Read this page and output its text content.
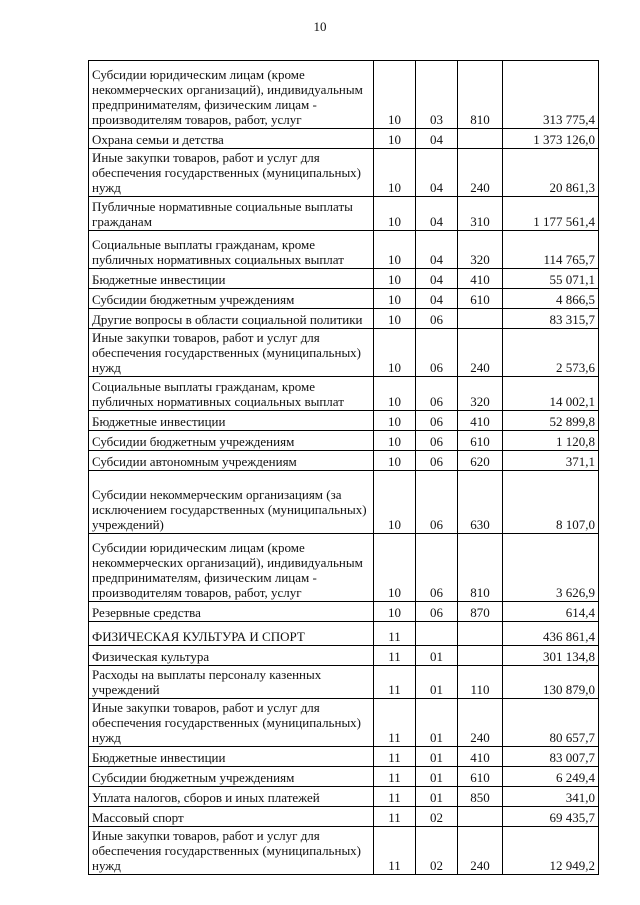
10
Субсидии юридическим лицам (кроме некоммерческих организаций), индивидуальным предпринимателям, физическим лицам - производителям товаров, работ, услуг	10	03	810	313 775,4
Охрана семьи и детства	10	04		1 373 126,0
Иные закупки товаров, работ и услуг для обеспечения государственных (муниципальных) нужд	10	04	240	20 861,3
Публичные нормативные социальные выплаты гражданам	10	04	310	1 177 561,4
Социальные выплаты гражданам, кроме публичных нормативных социальных выплат	10	04	320	114 765,7
Бюджетные инвестиции	10	04	410	55 071,1
Субсидии бюджетным учреждениям	10	04	610	4 866,5
Другие вопросы в области социальной политики	10	06		83 315,7
Иные закупки товаров, работ и услуг для обеспечения государственных (муниципальных) нужд	10	06	240	2 573,6
Социальные выплаты гражданам, кроме публичных нормативных социальных выплат	10	06	320	14 002,1
Бюджетные инвестиции	10	06	410	52 899,8
Субсидии бюджетным учреждениям	10	06	610	1 120,8
Субсидии автономным учреждениям	10	06	620	371,1
Субсидии некоммерческим организациям (за исключением государственных (муниципальных) учреждений)	10	06	630	8 107,0
Субсидии юридическим лицам (кроме некоммерческих организаций), индивидуальным предпринимателям, физическим лицам - производителям товаров, работ, услуг	10	06	810	3 626,9
Резервные средства	10	06	870	614,4
ФИЗИЧЕСКАЯ КУЛЬТУРА И СПОРТ	11			436 861,4
Физическая культура	11	01		301 134,8
Расходы на выплаты персоналу казенных учреждений	11	01	110	130 879,0
Иные закупки товаров, работ и услуг для обеспечения государственных (муниципальных) нужд	11	01	240	80 657,7
Бюджетные инвестиции	11	01	410	83 007,7
Субсидии бюджетным учреждениям	11	01	610	6 249,4
Уплата налогов, сборов и иных платежей	11	01	850	341,0
Массовый спорт	11	02		69 435,7
Иные закупки товаров, работ и услуг для обеспечения государственных (муниципальных) нужд	11	02	240	12 949,2
